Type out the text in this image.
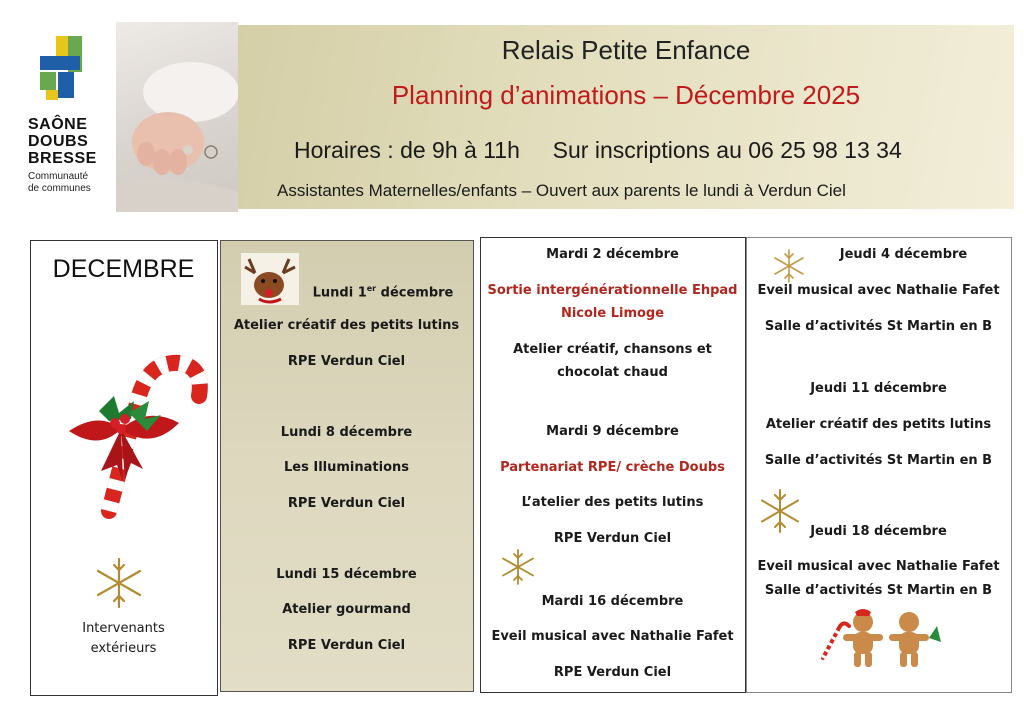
SAÔNE
DOUBS
BRESSE
Communauté
de communes
Relais Petite Enfance
Planning d’animations – Décembre 2025
Horaires : de 9h à 11h Sur inscriptions au 06 25 98 13 34
Assistantes Maternelles/enfants – Ouvert aux parents le lundi à Verdun Ciel
DECEMBRE
Intervenants
extérieurs
Lundi 1er décembre
Atelier créatif des petits lutins
RPE Verdun Ciel
Lundi 8 décembre
Les Illuminations
RPE Verdun Ciel
Lundi 15 décembre
Atelier gourmand
RPE Verdun Ciel
Mardi 2 décembre
Sortie intergénérationnelle Ehpad
Nicole Limoge
Atelier créatif, chansons et
chocolat chaud
Mardi 9 décembre
Partenariat RPE/ crèche Doubs
L’atelier des petits lutins
RPE Verdun Ciel
Mardi 16 décembre
Eveil musical avec Nathalie Fafet
RPE Verdun Ciel
Jeudi 4 décembre
Eveil musical avec Nathalie Fafet
Salle d’activités St Martin en B
Jeudi 11 décembre
Atelier créatif des petits lutins
Salle d’activités St Martin en B
Jeudi 18 décembre
Eveil musical avec Nathalie Fafet
Salle d’activités St Martin en B
